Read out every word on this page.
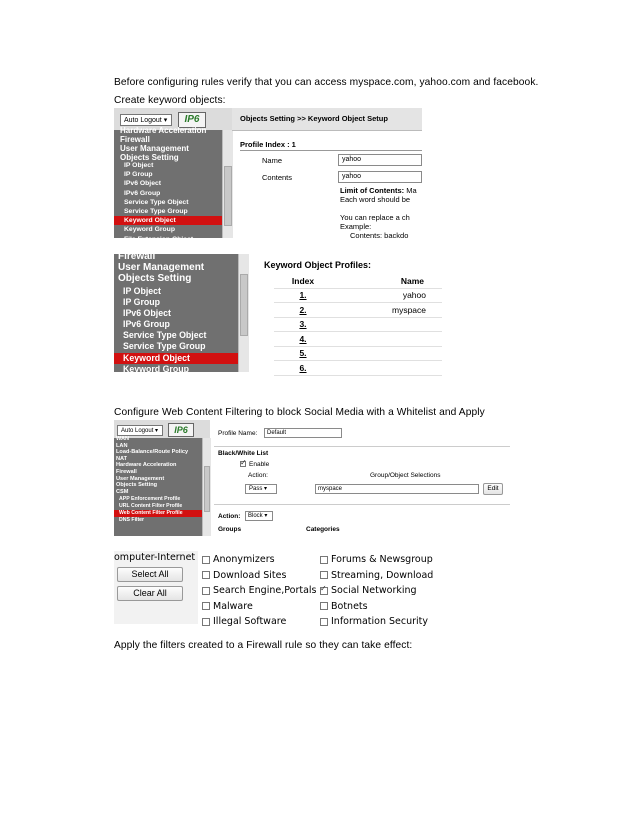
Before configuring rules verify that you can access myspace.com, yahoo.com and facebook.
Create keyword objects:
Auto Logout ▾	IP6
Hardware Acceleration
Firewall
User Management
Objects Setting
IP Object
IP Group
IPv6 Object
IPv6 Group
Service Type Object
Service Type Group
Keyword Object
Keyword Group
File Extension Object
Objects Setting >> Keyword Object Setup
Profile Index : 1
Name	yahoo
Contents	yahoo
Limit of Contents: Ma
Each word should be
You can replace a ch
Example:
Contents: backdo
Firewall
User Management
Objects Setting
IP Object
IP Group
IPv6 Object
IPv6 Group
Service Type Object
Service Type Group
Keyword Object
Keyword Group
Keyword Object Profiles:
Index	Name
1.	yahoo
2.	myspace
3.	
4.	
5.	
6.	
Configure Web Content Filtering to block Social Media with a Whitelist and Apply
Auto Logout ▾	IP6
WAN
LAN
Load-Balance/Route Policy
NAT
Hardware Acceleration
Firewall
User Management
Objects Setting
CSM
APP Enforcement Profile
URL Content Filter Profile
Web Content Filter Profile
DNS Filter
Profile Name:	Default
Black/White List
✓Enable
Action:	Group/Object Selections
Pass ▾	myspace	Edit
Action:	Block ▾
Groups	Categories
omputer-Internet
Select All
Clear All
Anonymizers
Download Sites
Search Engine,Portals
Malware
Illegal Software
Forums & Newsgroup
Streaming, Download
✓Social Networking
Botnets
Information Security
Apply the filters created to a Firewall rule so they can take effect:
